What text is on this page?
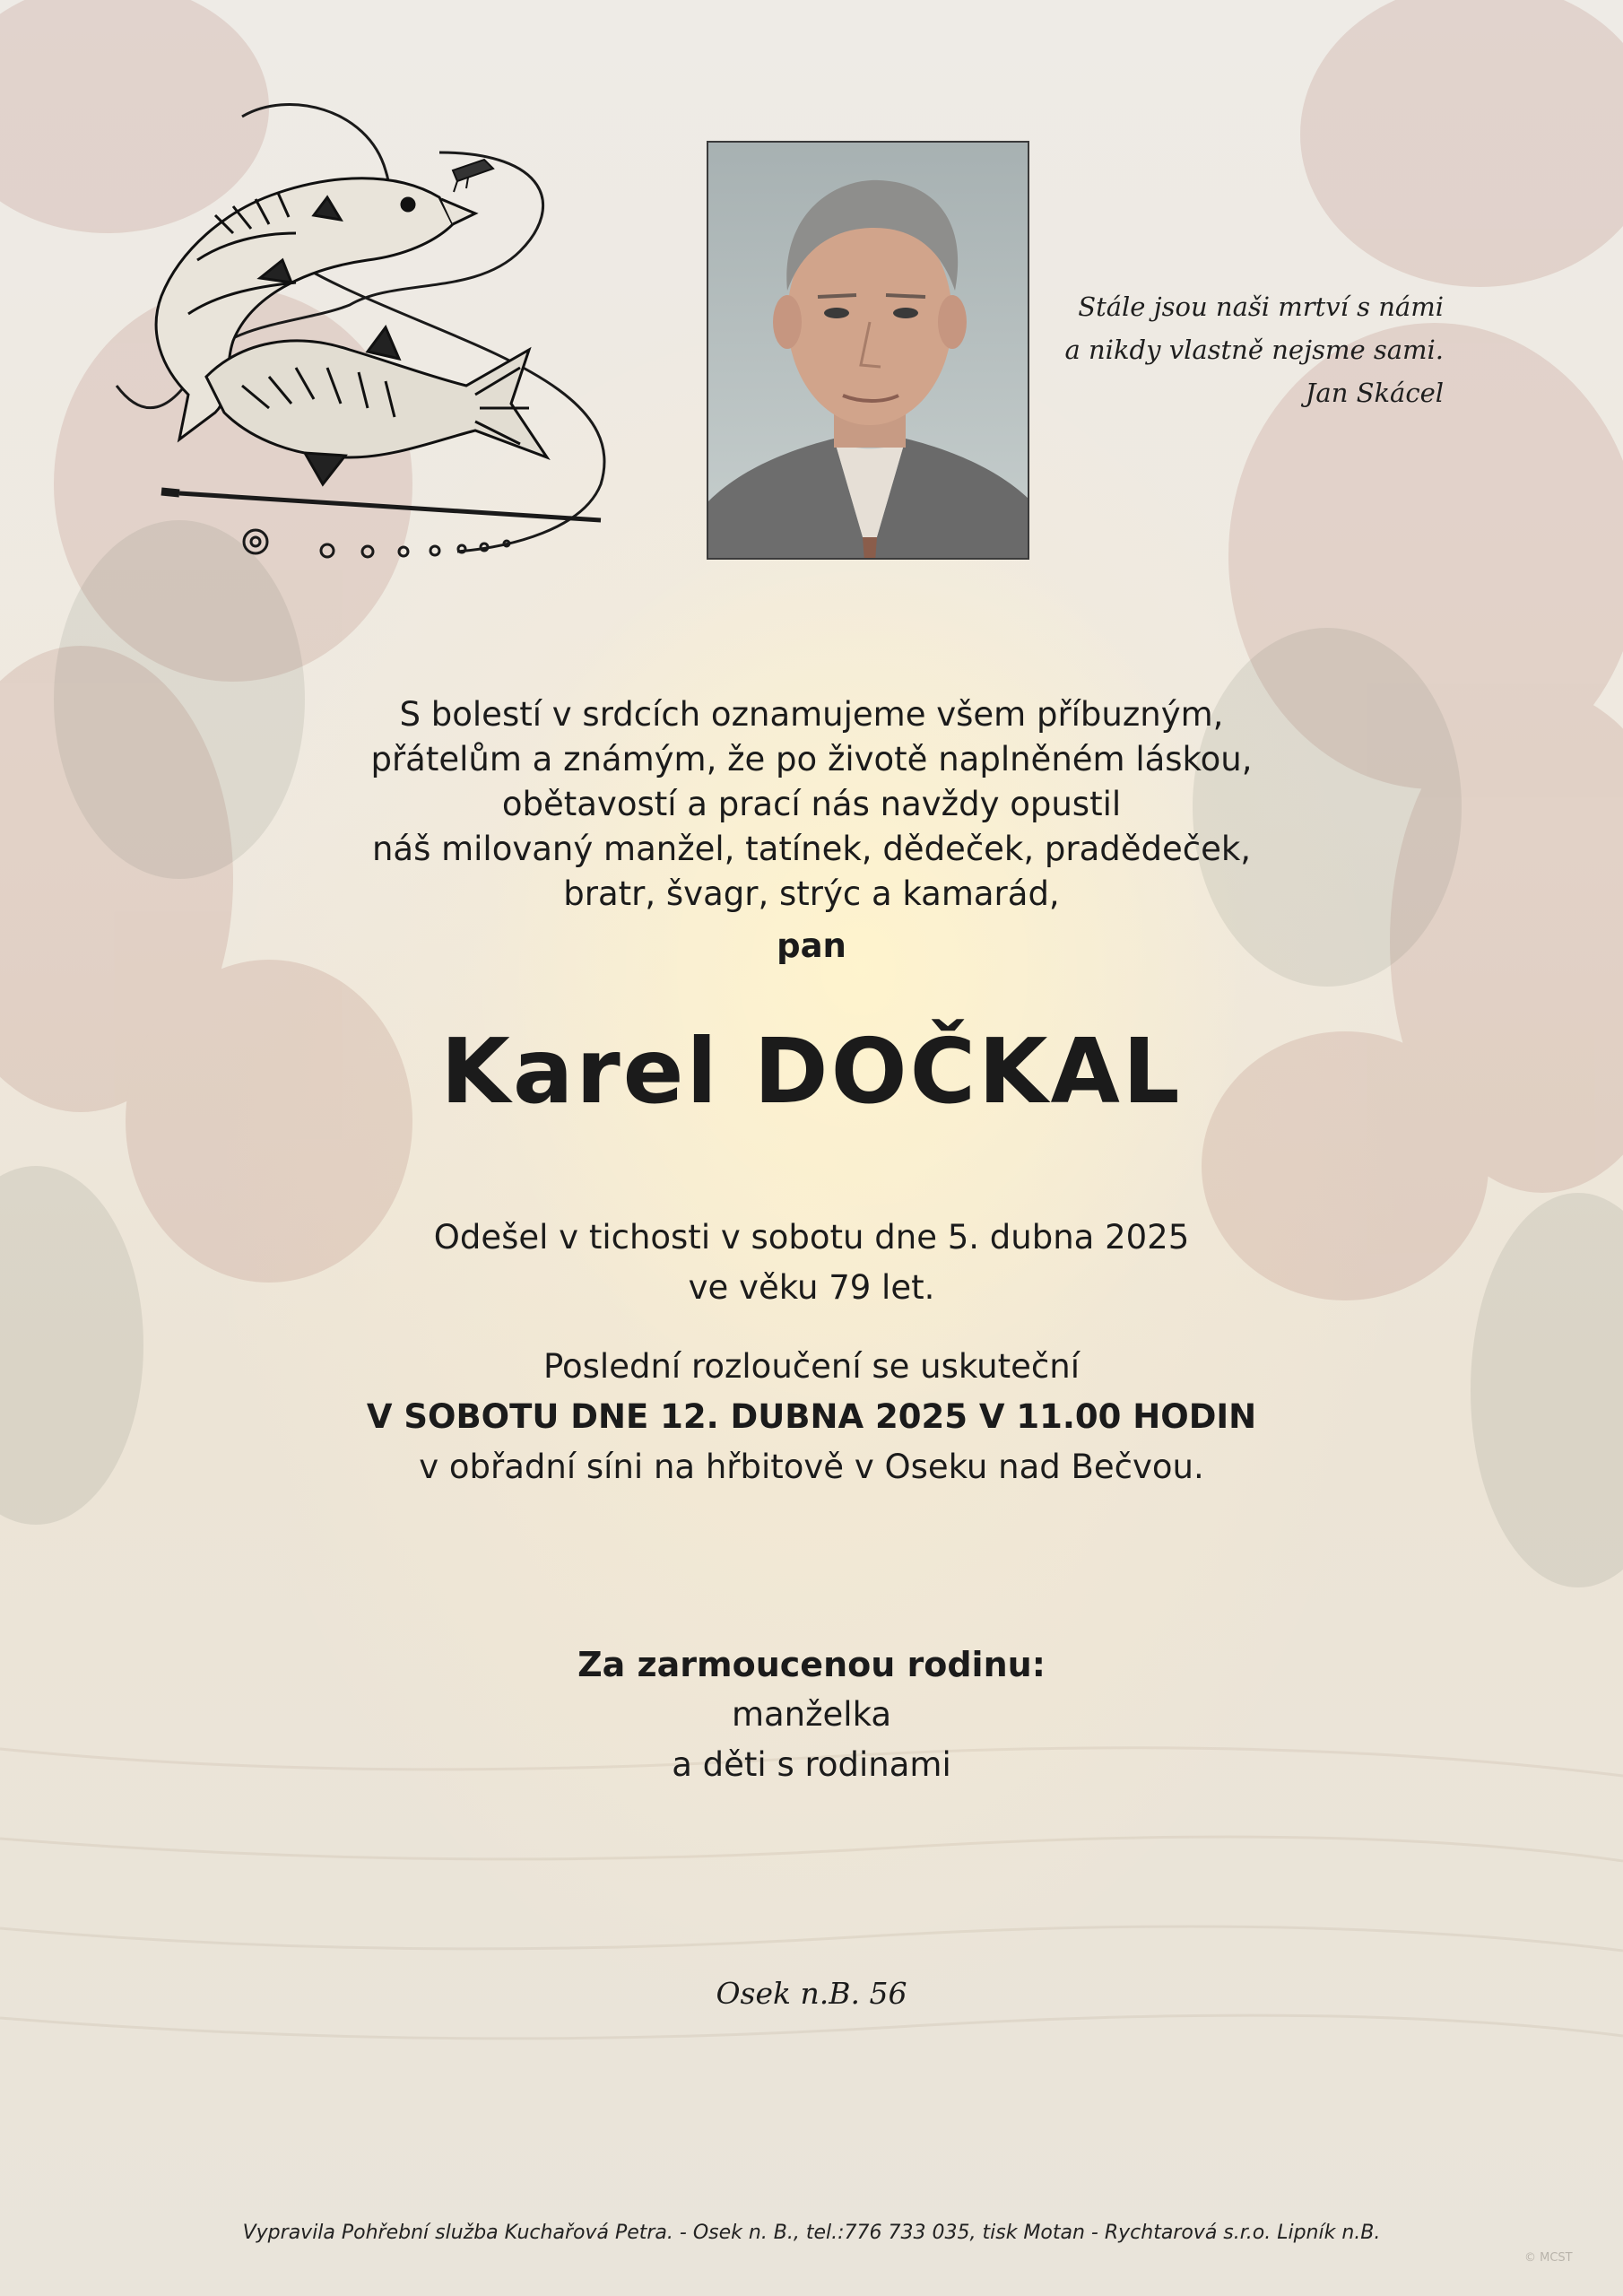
Stále jsou naši mrtví s námi
a nikdy vlastně nejsme sami.
Jan Skácel
S bolestí v srdcích oznamujeme všem příbuzným,
přátelům a známým, že po životě naplněném láskou,
obětavostí a prací nás navždy opustil
náš milovaný manžel, tatínek, dědeček, pradědeček,
bratr, švagr, strýc a kamarád,
pan
Karel DOČKAL
Odešel v tichosti v sobotu dne 5. dubna 2025
ve věku 79 let.
Poslední rozloučení se uskuteční
V SOBOTU DNE 12. DUBNA 2025 V 11.00 HODIN
v obřadní síni na hřbitově v Oseku nad Bečvou.
Za zarmoucenou rodinu:
manželka
a děti s rodinami
Osek n.B. 56
Vypravila Pohřební služba Kuchařová Petra. - Osek n. B., tel.:776 733 035, tisk Motan - Rychtarová s.r.o. Lipník n.B.
© MCST
